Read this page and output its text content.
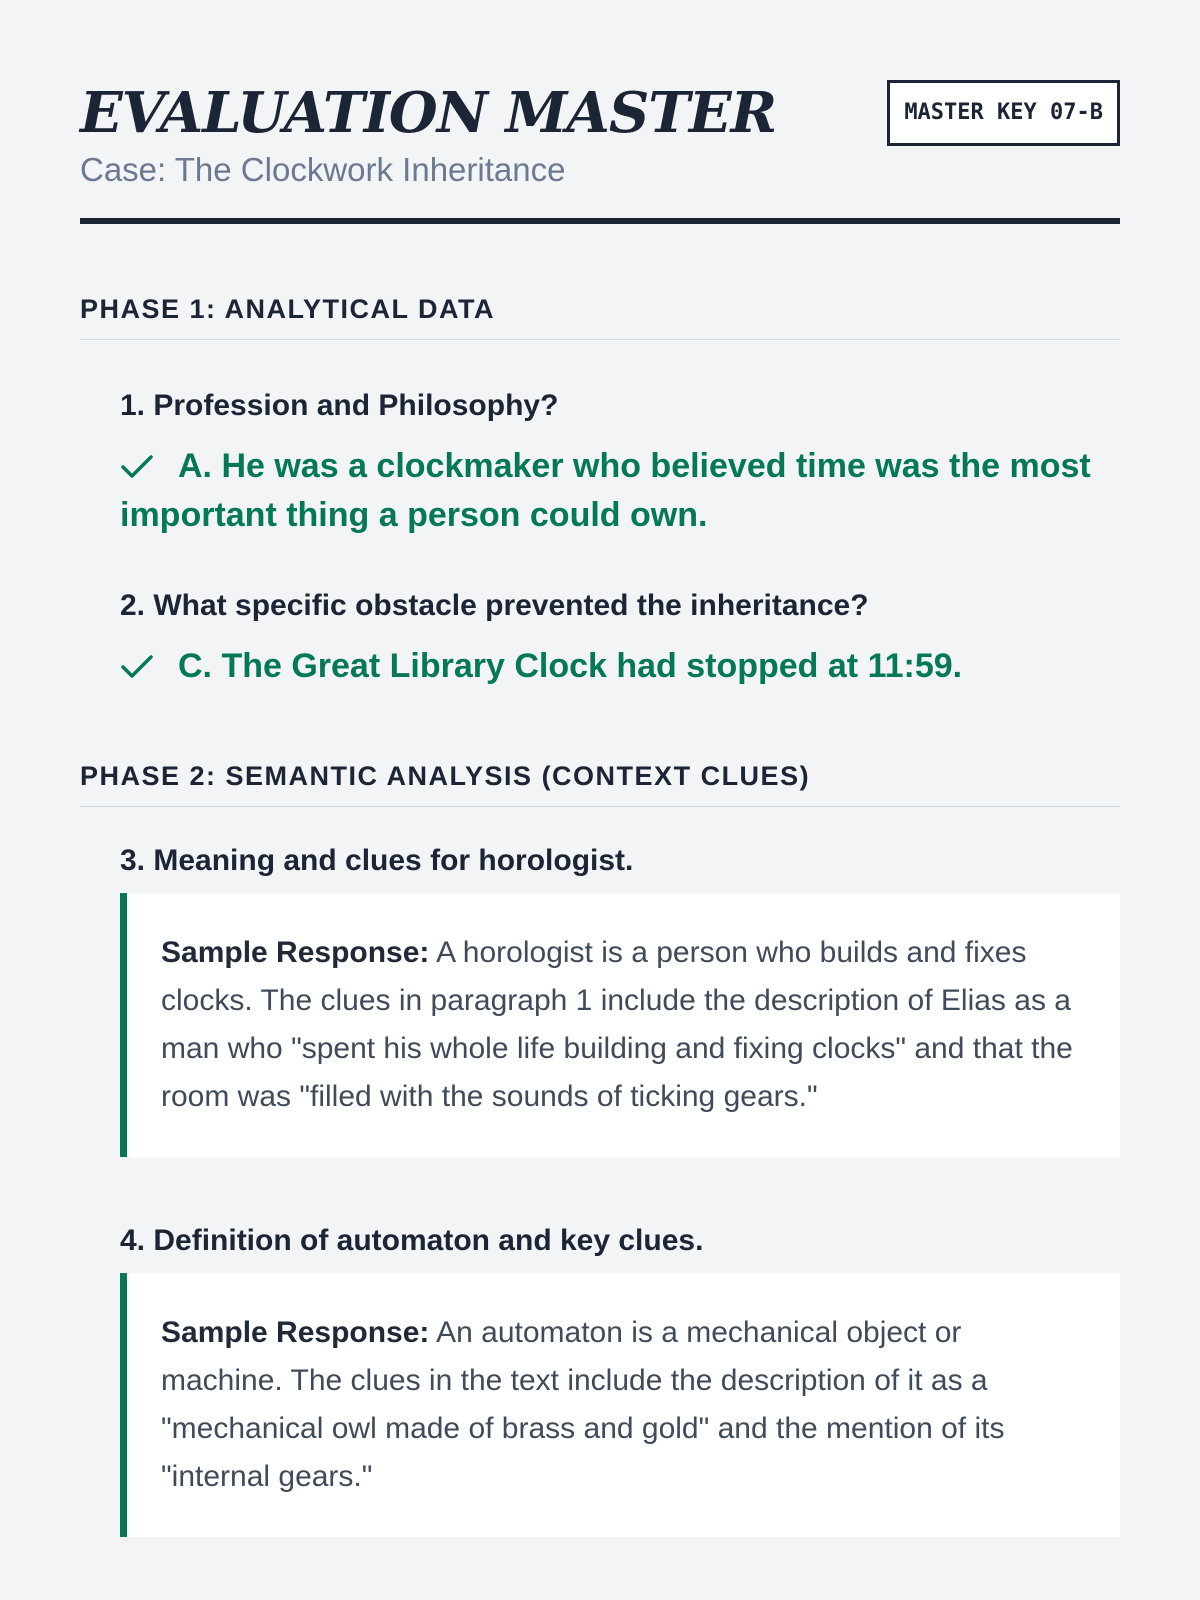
EVALUATION MASTER
Case: The Clockwork Inheritance
MASTER KEY 07-B
PHASE 1: ANALYTICAL DATA
1. Profession and Philosophy?
A. He was a clockmaker who believed time was the most important thing a person could own.
2. What specific obstacle prevented the inheritance?
C. The Great Library Clock had stopped at 11:59.
PHASE 2: SEMANTIC ANALYSIS (CONTEXT CLUES)
3. Meaning and clues for horologist.
Sample Response: A horologist is a person who builds and fixes clocks. The clues in paragraph 1 include the description of Elias as a man who "spent his whole life building and fixing clocks" and that the room was "filled with the sounds of ticking gears."
4. Definition of automaton and key clues.
Sample Response: An automaton is a mechanical object or machine. The clues in the text include the description of it as a "mechanical owl made of brass and gold" and the mention of its "internal gears."
